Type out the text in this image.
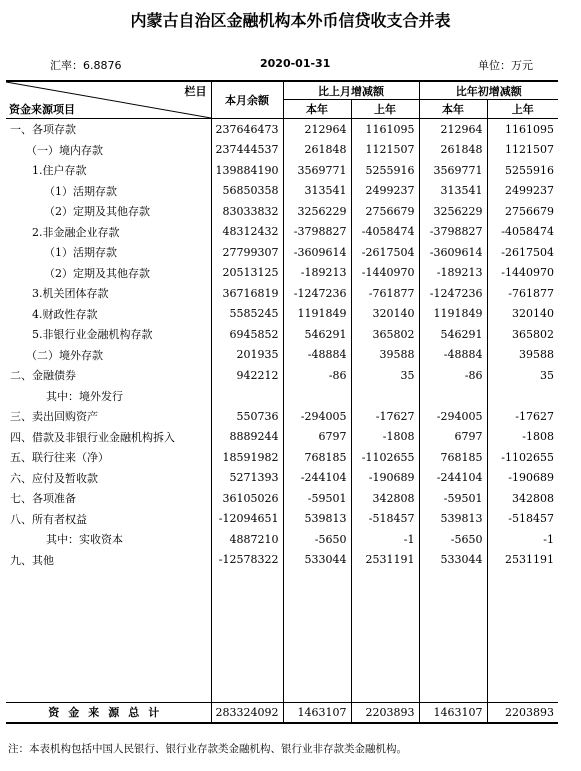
内蒙古自治区金融机构本外币信贷收支合并表
汇率：6.8876	2020-01-31	单位：万元
栏目
资金来源项目	本月余额	比上月增减额		比年初增减额	
		本年	上年	本年	上年
一、各项存款	237646473	212964	1161095	212964	1161095
（一）境内存款	237444537	261848	1121507	261848	1121507
1.住户存款	139884190	3569771	5255916	3569771	5255916
（1）活期存款	56850358	313541	2499237	313541	2499237
（2）定期及其他存款	83033832	3256229	2756679	3256229	2756679
2.非金融企业存款	48312432	-3798827	-4058474	-3798827	-4058474
（1）活期存款	27799307	-3609614	-2617504	-3609614	-2617504
（2）定期及其他存款	20513125	-189213	-1440970	-189213	-1440970
3.机关团体存款	36716819	-1247236	-761877	-1247236	-761877
4.财政性存款	5585245	1191849	320140	1191849	320140
5.非银行业金融机构存款	6945852	546291	365802	546291	365802
（二）境外存款	201935	-48884	39588	-48884	39588
二、金融债券	942212	-86	35	-86	35
其中：境外发行					
三、卖出回购资产	550736	-294005	-17627	-294005	-17627
四、借款及非银行业金融机构拆入	8889244	6797	-1808	6797	-1808
五、联行往来（净）	18591982	768185	-1102655	768185	-1102655
六、应付及暂收款	5271393	-244104	-190689	-244104	-190689
七、各项准备	36105026	-59501	342808	-59501	342808
八、所有者权益	-12094651	539813	-518457	539813	-518457
其中：实收资本	4887210	-5650	-1	-5650	-1
九、其他	-12578322	533044	2531191	533044	2531191

资金来源总计	283324092	1463107	2203893	1463107	2203893
注：本表机构包括中国人民银行、银行业存款类金融机构、银行业非存款类金融机构。
